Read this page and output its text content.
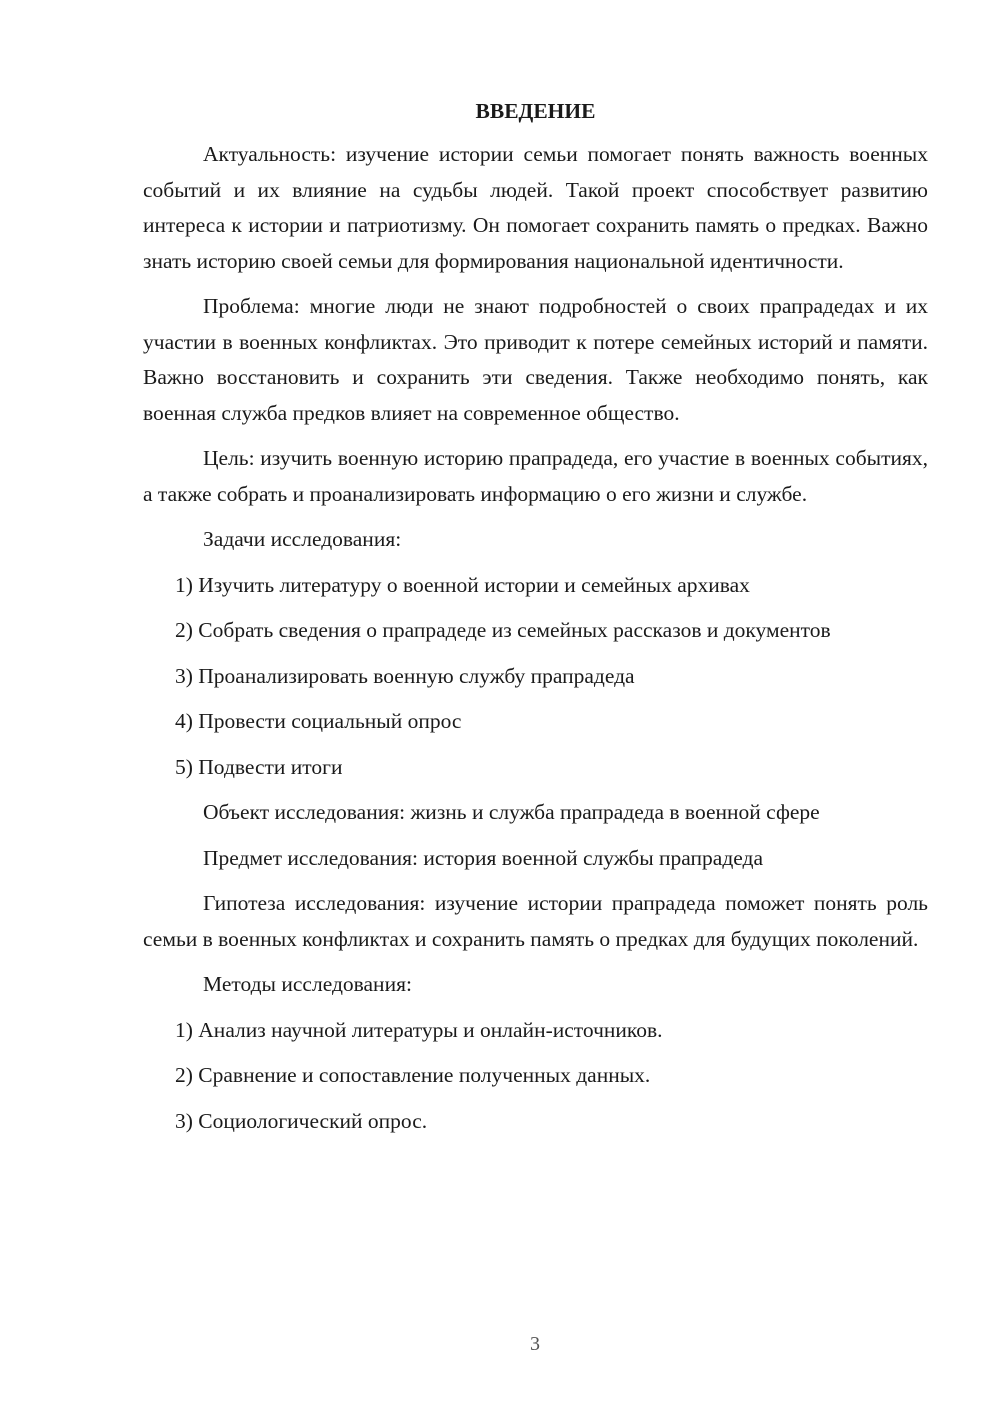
ВВЕДЕНИЕ

Актуальность: изучение истории семьи помогает понять важность военных событий и их влияние на судьбы людей. Такой проект способствует развитию интереса к истории и патриотизму. Он помогает сохранить память о предках. Важно знать историю своей семьи для формирования национальной идентичности.

Проблема: многие люди не знают подробностей о своих прапрадедах и их участии в военных конфликтах. Это приводит к потере семейных историй и памяти. Важно восстановить и сохранить эти сведения. Также необходимо понять, как военная служба предков влияет на современное общество.

Цель: изучить военную историю прапрадеда, его участие в военных событиях, а также собрать и проанализировать информацию о его жизни и службе.

Задачи исследования:

1) Изучить литературу о военной истории и семейных архивах

2) Собрать сведения о прапрадеде из семейных рассказов и документов

3) Проанализировать военную службу прапрадеда

4) Провести социальный опрос

5) Подвести итоги

Объект исследования: жизнь и служба прапрадеда в военной сфере

Предмет исследования: история военной службы прапрадеда

Гипотеза исследования: изучение истории прапрадеда поможет понять роль семьи в военных конфликтах и сохранить память о предках для будущих поколений.

Методы исследования:

1) Анализ научной литературы и онлайн-источников.

2) Сравнение и сопоставление полученных данных.

3) Социологический опрос.

3
